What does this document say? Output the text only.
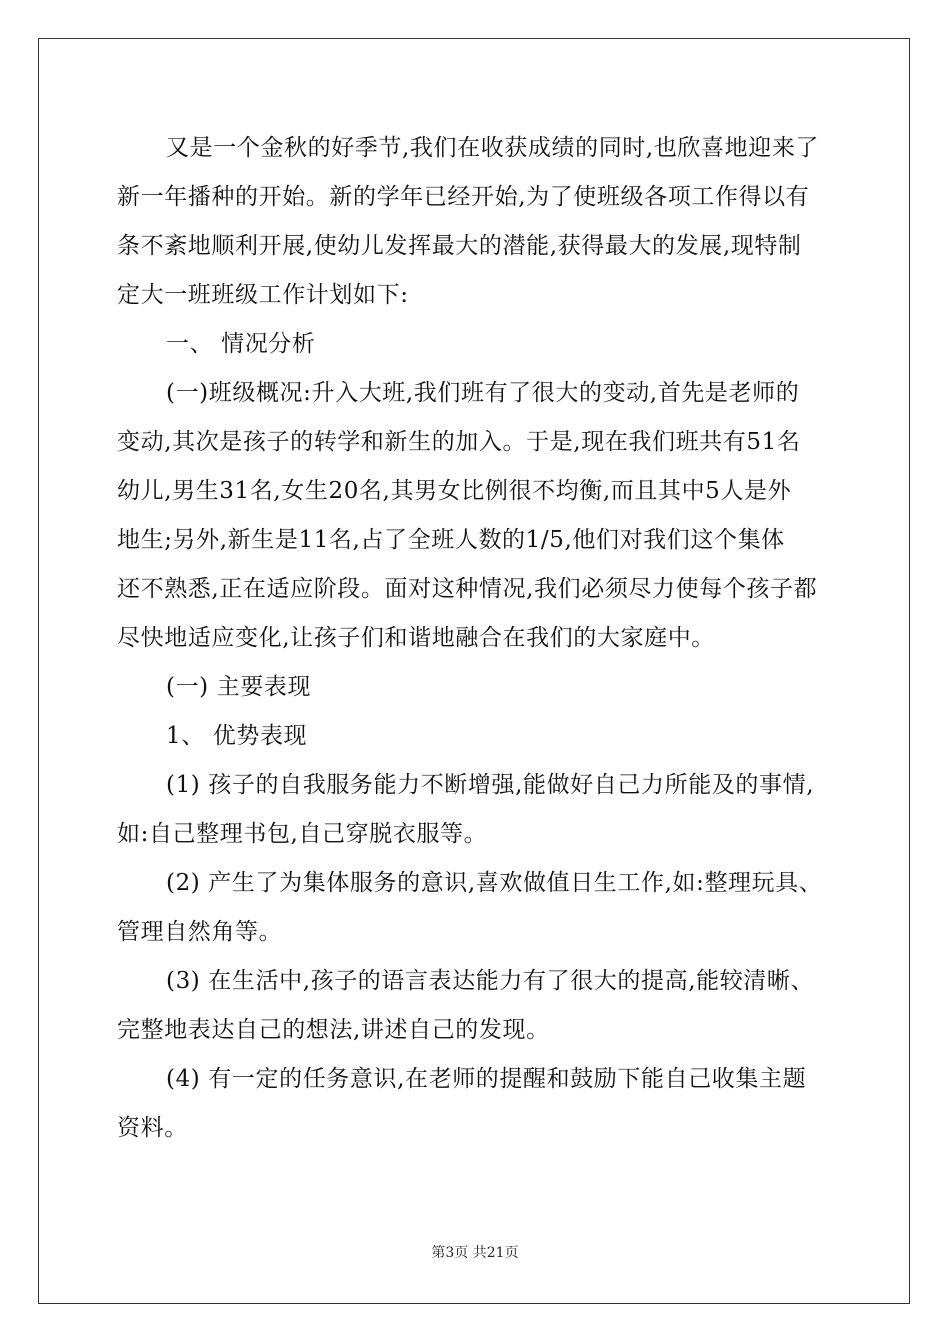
又是一个金秋的好季节,我们在收获成绩的同时,也欣喜地迎来了

新一年播种的开始。新的学年已经开始,为了使班级各项工作得以有

条不紊地顺利开展,使幼儿发挥最大的潜能,获得最大的发展,现特制

定大一班班级工作计划如下:

一、 情况分析

(一)班级概况:升入大班,我们班有了很大的变动,首先是老师的

变动,其次是孩子的转学和新生的加入。于是,现在我们班共有51名

幼儿,男生31名,女生20名,其男女比例很不均衡,而且其中5人是外

地生;另外,新生是11名,占了全班人数的1/5,他们对我们这个集体

还不熟悉,正在适应阶段。面对这种情况,我们必须尽力使每个孩子都

尽快地适应变化,让孩子们和谐地融合在我们的大家庭中。

(一) 主要表现

1、 优势表现

(1) 孩子的自我服务能力不断增强,能做好自己力所能及的事情,

如:自己整理书包,自己穿脱衣服等。

(2) 产生了为集体服务的意识,喜欢做值日生工作,如:整理玩具、

管理自然角等。

(3) 在生活中,孩子的语言表达能力有了很大的提高,能较清晰、

完整地表达自己的想法,讲述自己的发现。

(4) 有一定的任务意识,在老师的提醒和鼓励下能自己收集主题

资料。

第3页 共21页
